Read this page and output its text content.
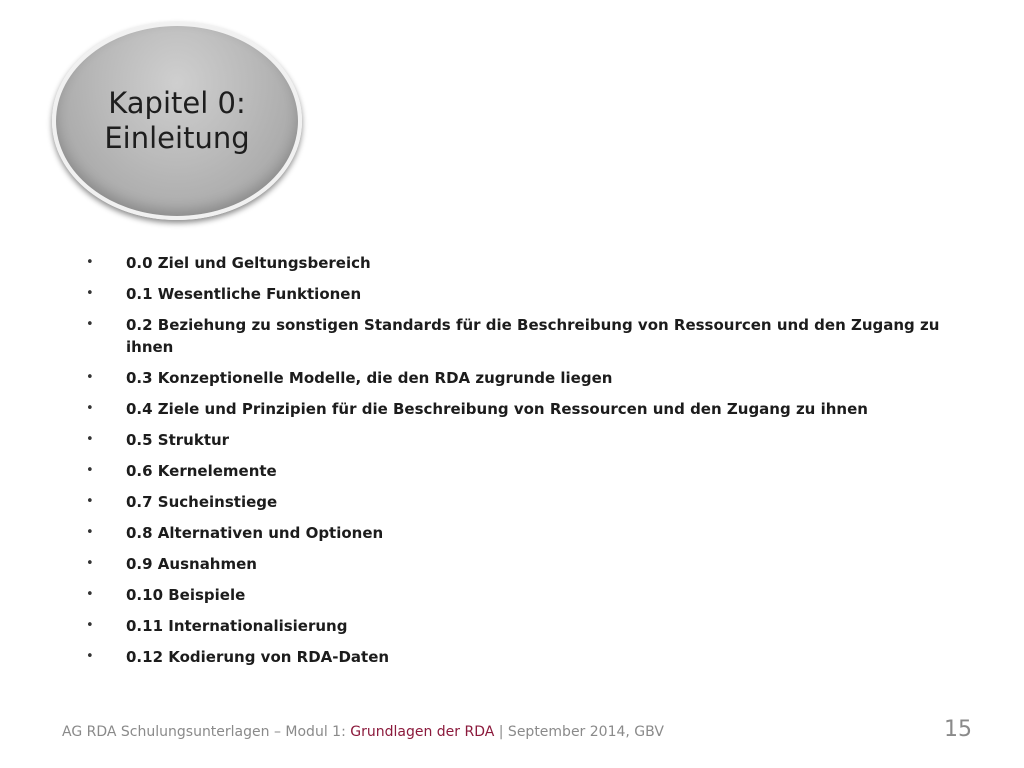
Kapitel 0:
Einleitung
• 0.0 Ziel und Geltungsbereich
• 0.1 Wesentliche Funktionen
• 0.2 Beziehung zu sonstigen Standards für die Beschreibung von Ressourcen und den Zugang zu ihnen
• 0.3 Konzeptionelle Modelle, die den RDA zugrunde liegen
• 0.4 Ziele und Prinzipien für die Beschreibung von Ressourcen und den Zugang zu ihnen
• 0.5 Struktur
• 0.6 Kernelemente
• 0.7 Sucheinstiege
• 0.8 Alternativen und Optionen
• 0.9 Ausnahmen
• 0.10 Beispiele
• 0.11 Internationalisierung
• 0.12 Kodierung von RDA-Daten
AG RDA Schulungsunterlagen – Modul 1: Grundlagen der RDA | September 2014, GBV	15
